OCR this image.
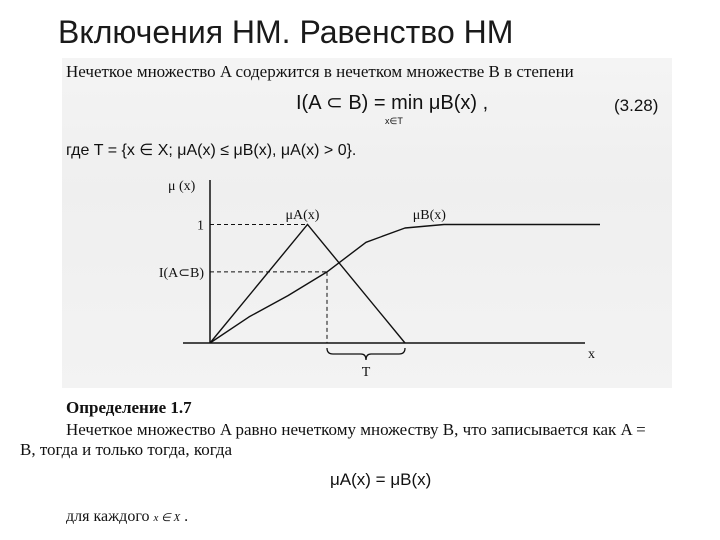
Включения НМ. Равенство НМ
Нечеткое множество A содержится в нечетком множестве B в степени
I(A ⊂ B) = min μB(x) ,
x∈T
(3.28)
где T = {x ∈ X; μA(x) ≤ μB(x), μA(x) > 0}.
μ (x)
x
1
I(A⊂B)
μA(x)	μB(x)
T
Определение 1.7
Нечеткое множество A равно нечеткому множеству B, что записывается как A =
B, тогда и только тогда, когда
μA(x) = μB(x)
для каждого x ∈ X .
